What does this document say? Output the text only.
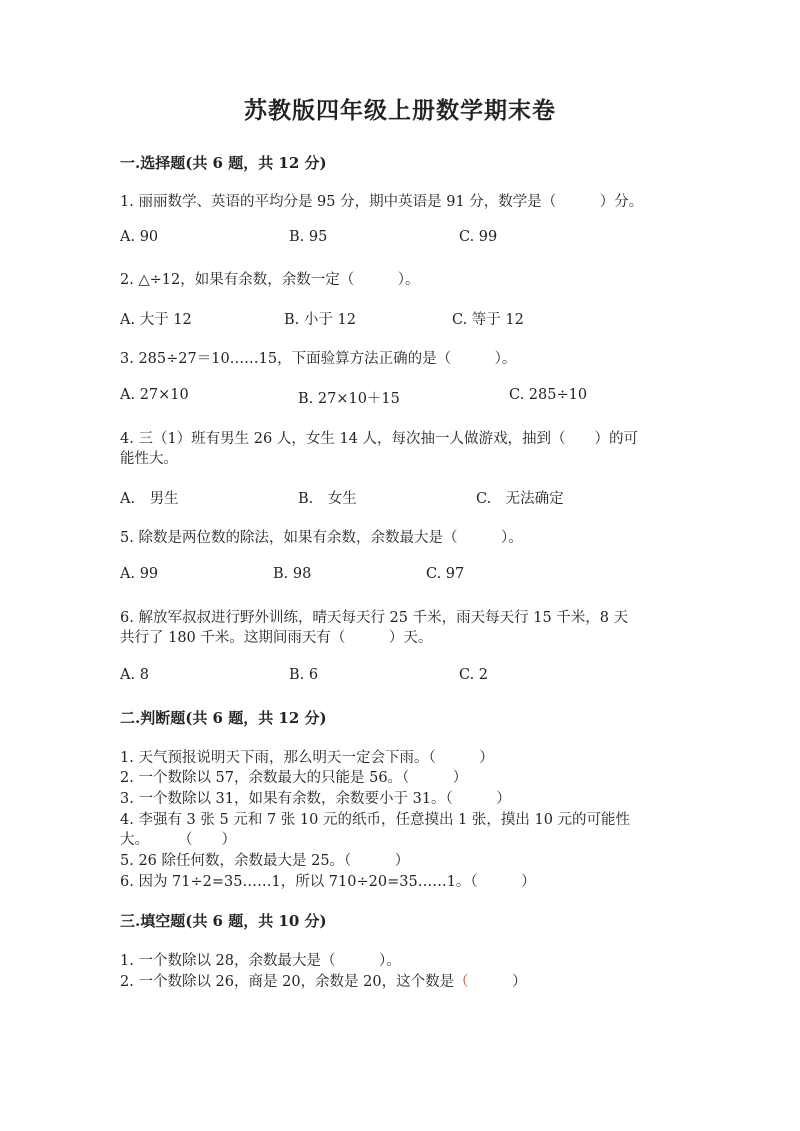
苏教版四年级上册数学期末卷
一.选择题(共 6 题，共 12 分)
1. 丽丽数学、英语的平均分是 95 分，期中英语是 91 分，数学是（　　　）分。
A. 90	B. 95	C. 99
2. △÷12，如果有余数，余数一定（　　　）。
A. 大于 12	B. 小于 12	C. 等于 12
3. 285÷27＝10……15，下面验算方法正确的是（　　　）。
A. 27×10	B. 27×10＋15	C. 285÷10
4. 三（1）班有男生 26 人，女生 14 人，每次抽一人做游戏，抽到（　　）的可
能性大。
A.　男生	B.　女生	C.　无法确定
5. 除数是两位数的除法，如果有余数，余数最大是（　　　）。
A. 99	B. 98	C. 97
6. 解放军叔叔进行野外训练，晴天每天行 25 千米，雨天每天行 15 千米，8 天
共行了 180 千米。这期间雨天有（　　　）天。
A. 8	B. 6	C. 2
二.判断题(共 6 题，共 12 分)
1. 天气预报说明天下雨，那么明天一定会下雨。（　　　）
2. 一个数除以 57，余数最大的只能是 56。（　　　）
3. 一个数除以 31，如果有余数，余数要小于 31。（　　　）
4. 李强有 3 张 5 元和 7 张 10 元的纸币，任意摸出 1 张，摸出 10 元的可能性
大。　　　（　　）
5. 26 除任何数，余数最大是 25。（　　　）
6. 因为 71÷2=35……1，所以 710÷20=35……1。（　　　）
三.填空题(共 6 题，共 10 分)
1. 一个数除以 28，余数最大是（　　　）。
2. 一个数除以 26，商是 20，余数是 20，这个数是（　　　）
